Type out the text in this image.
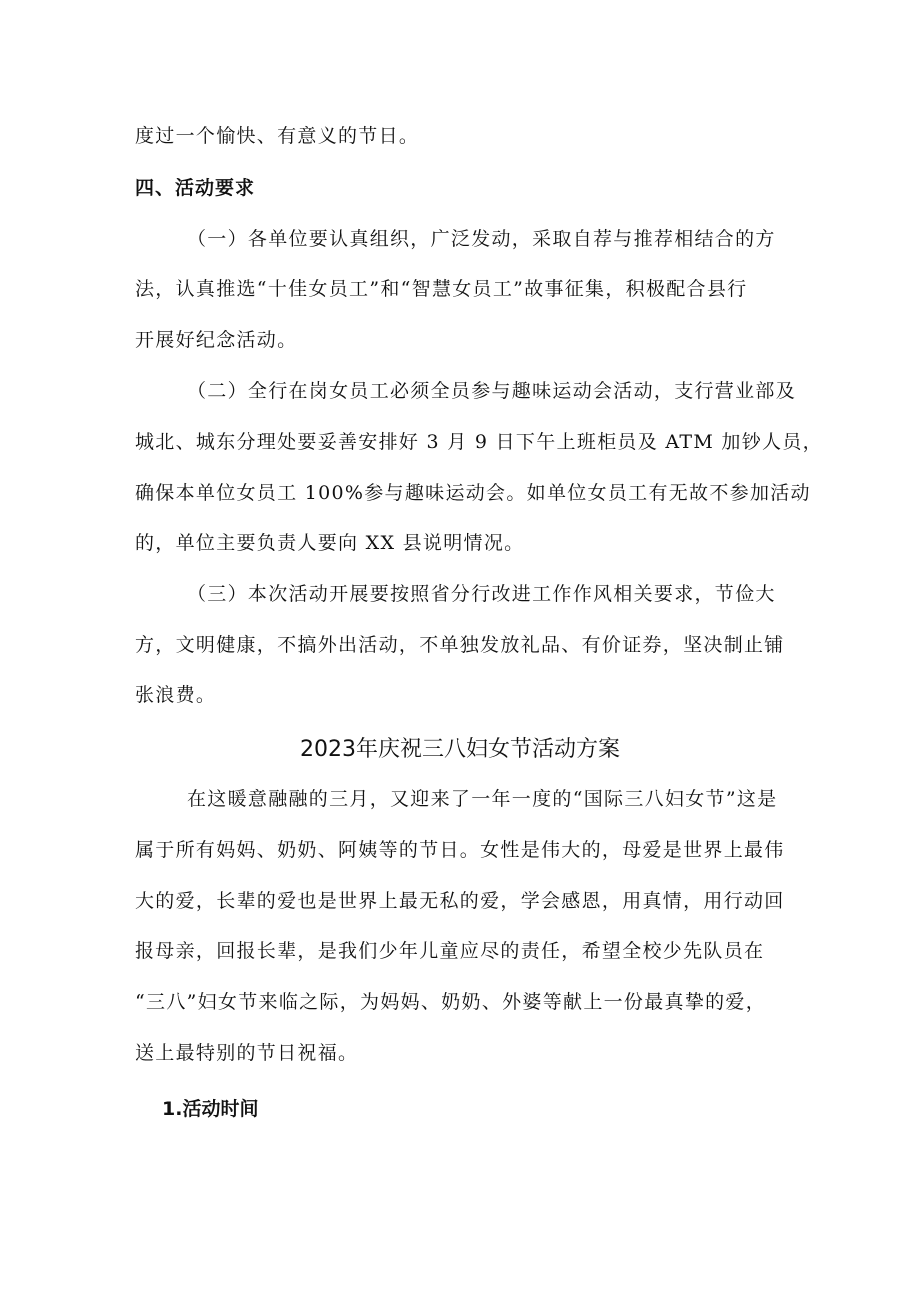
度过一个愉快、有意义的节日。
四、活动要求
（一）各单位要认真组织，广泛发动，采取自荐与推荐相结合的方
法，认真推选“十佳女员工”和“智慧女员工”故事征集，积极配合县行
开展好纪念活动。
（二）全行在岗女员工必须全员参与趣味运动会活动，支行营业部及
城北、城东分理处要妥善安排好 3 月 9 日下午上班柜员及 ATM 加钞人员，
确保本单位女员工 100%参与趣味运动会。如单位女员工有无故不参加活动
的，单位主要负责人要向 XX 县说明情况。
（三）本次活动开展要按照省分行改进工作作风相关要求，节俭大
方，文明健康，不搞外出活动，不单独发放礼品、有价证券，坚决制止铺
张浪费。
2023年庆祝三八妇女节活动方案
在这暖意融融的三月，又迎来了一年一度的“国际三八妇女节”这是
属于所有妈妈、奶奶、阿姨等的节日。女性是伟大的，母爱是世界上最伟
大的爱，长辈的爱也是世界上最无私的爱，学会感恩，用真情，用行动回
报母亲，回报长辈，是我们少年儿童应尽的责任，希望全校少先队员在
“三八”妇女节来临之际，为妈妈、奶奶、外婆等献上一份最真挚的爱，
送上最特别的节日祝福。
1.活动时间
